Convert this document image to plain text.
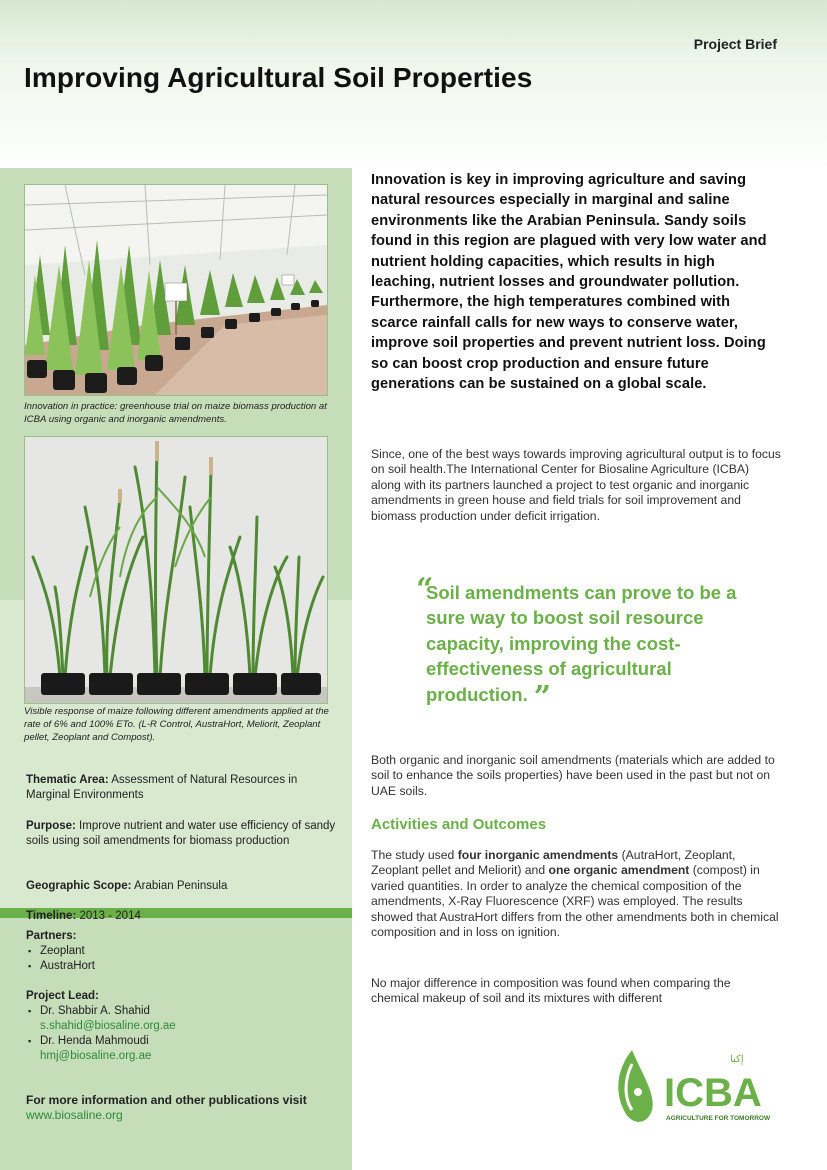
Project Brief
Improving Agricultural Soil Properties
Innovation in practice: greenhouse trial on maize biomass production at ICBA using organic and inorganic amendments.
Visible response of maize following different amendments applied at the rate of 6% and 100% ETo. (L-R Control, AustraHort, Meliorit, Zeoplant pellet, Zeoplant and Compost).
Thematic Area: Assessment of Natural Resources in Marginal Environments
Purpose: Improve nutrient and water use efficiency of sandy soils using soil amendments for biomass production
Geographic Scope: Arabian Peninsula
Timeline: 2013 - 2014
Partners:
▪ Zeoplant
▪ AustraHort
Project Lead:
▪ Dr. Shabbir A. Shahid
s.shahid@biosaline.org.ae
▪ Dr. Henda Mahmoudi
hmj@biosaline.org.ae
For more information and other publications visit
www.biosaline.org

Innovation is key in improving agriculture and saving natural resources especially in marginal and saline environments like the Arabian Peninsula. Sandy soils found in this region are plagued with very low water and nutrient holding capacities, which results in high leaching, nutrient losses and groundwater pollution. Furthermore, the high temperatures combined with scarce rainfall calls for new ways to conserve water, improve soil properties and prevent nutrient loss. Doing so can boost crop production and ensure future generations can be sustained on a global scale.

Since, one of the best ways towards improving agricultural output is to focus on soil health.The International Center for Biosaline Agriculture (ICBA) along with its partners launched a project to test organic and inorganic amendments in green house and field trials for soil improvement and biomass production under deficit irrigation.

“
Soil amendments can prove to be a sure way to boost soil resource capacity, improving the cost-effectiveness of agricultural production. ”

Both organic and inorganic soil amendments (materials which are added to soil to enhance the soils properties) have been used in the past but not on UAE soils.

Activities and Outcomes

The study used four inorganic amendments (AutraHort, Zeoplant, Zeoplant pellet and Meliorit) and one organic amendment (compost) in varied quantities. In order to analyze the chemical composition of the amendments, X-Ray Fluorescence (XRF) was employed. The results showed that AustraHort differs from the other amendments both in chemical composition and in loss on ignition.

No major difference in composition was found when comparing the chemical makeup of soil and its mixtures with different

ICBA
إكبا
AGRICULTURE FOR TOMORROW
